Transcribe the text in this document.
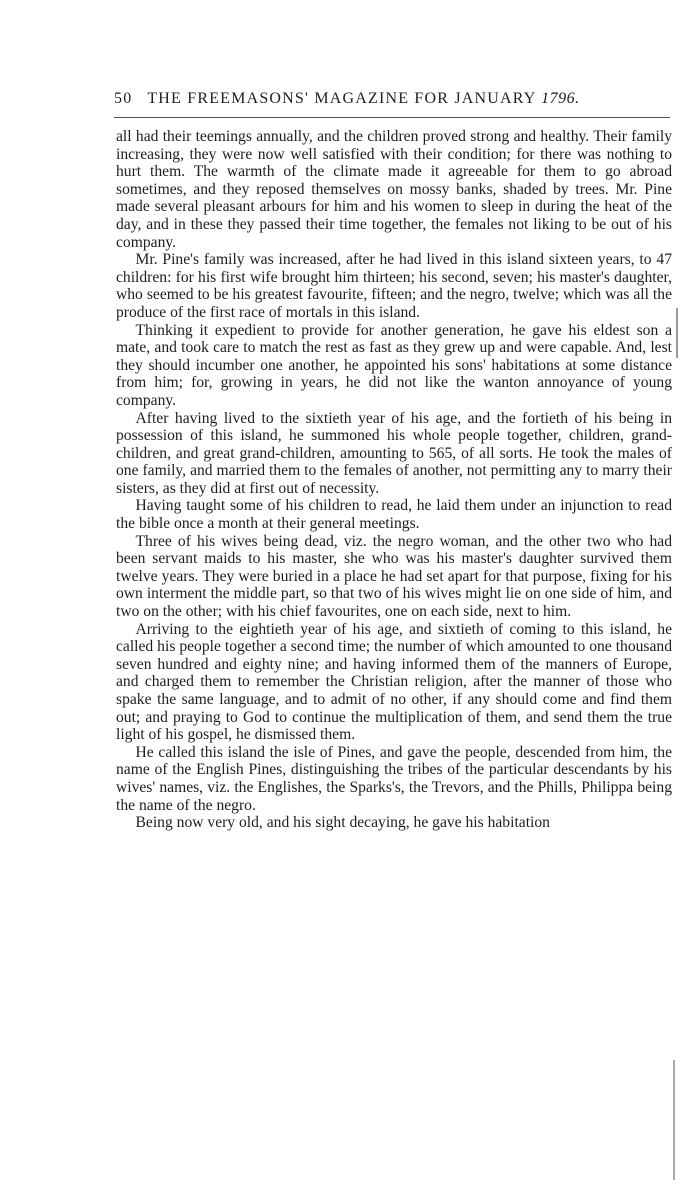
50 THE FREEMASONS' MAGAZINE FOR JANUARY 1796.

all had their teemings annually, and the children proved strong and healthy. Their family increasing, they were now well satisfied with their condition; for there was nothing to hurt them. The warmth of the climate made it agreeable for them to go abroad sometimes, and they reposed themselves on mossy banks, shaded by trees. Mr. Pine made several pleasant arbours for him and his women to sleep in during the heat of the day, and in these they passed their time together, the females not liking to be out of his company.

Mr. Pine's family was increased, after he had lived in this island sixteen years, to 47 children: for his first wife brought him thirteen; his second, seven; his master's daughter, who seemed to be his greatest favourite, fifteen; and the negro, twelve; which was all the produce of the first race of mortals in this island.

Thinking it expedient to provide for another generation, he gave his eldest son a mate, and took care to match the rest as fast as they grew up and were capable. And, lest they should incumber one another, he appointed his sons' habitations at some distance from him; for, growing in years, he did not like the wanton annoyance of young company.

After having lived to the sixtieth year of his age, and the fortieth of his being in possession of this island, he summoned his whole people together, children, grand-children, and great grand-children, amounting to 565, of all sorts. He took the males of one family, and married them to the females of another, not permitting any to marry their sisters, as they did at first out of necessity.

Having taught some of his children to read, he laid them under an injunction to read the bible once a month at their general meetings.

Three of his wives being dead, viz. the negro woman, and the other two who had been servant maids to his master, she who was his master's daughter survived them twelve years. They were buried in a place he had set apart for that purpose, fixing for his own interment the middle part, so that two of his wives might lie on one side of him, and two on the other; with his chief favourites, one on each side, next to him.

Arriving to the eightieth year of his age, and sixtieth of coming to this island, he called his people together a second time; the number of which amounted to one thousand seven hundred and eighty nine; and having informed them of the manners of Europe, and charged them to remember the Christian religion, after the manner of those who spake the same language, and to admit of no other, if any should come and find them out; and praying to God to continue the multiplication of them, and send them the true light of his gospel, he dismissed them.

He called this island the isle of Pines, and gave the people, descended from him, the name of the English Pines, distinguishing the tribes of the particular descendants by his wives' names, viz. the Englishes, the Sparks's, the Trevors, and the Phills, Philippa being the name of the negro.

Being now very old, and his sight decaying, he gave his habitation
